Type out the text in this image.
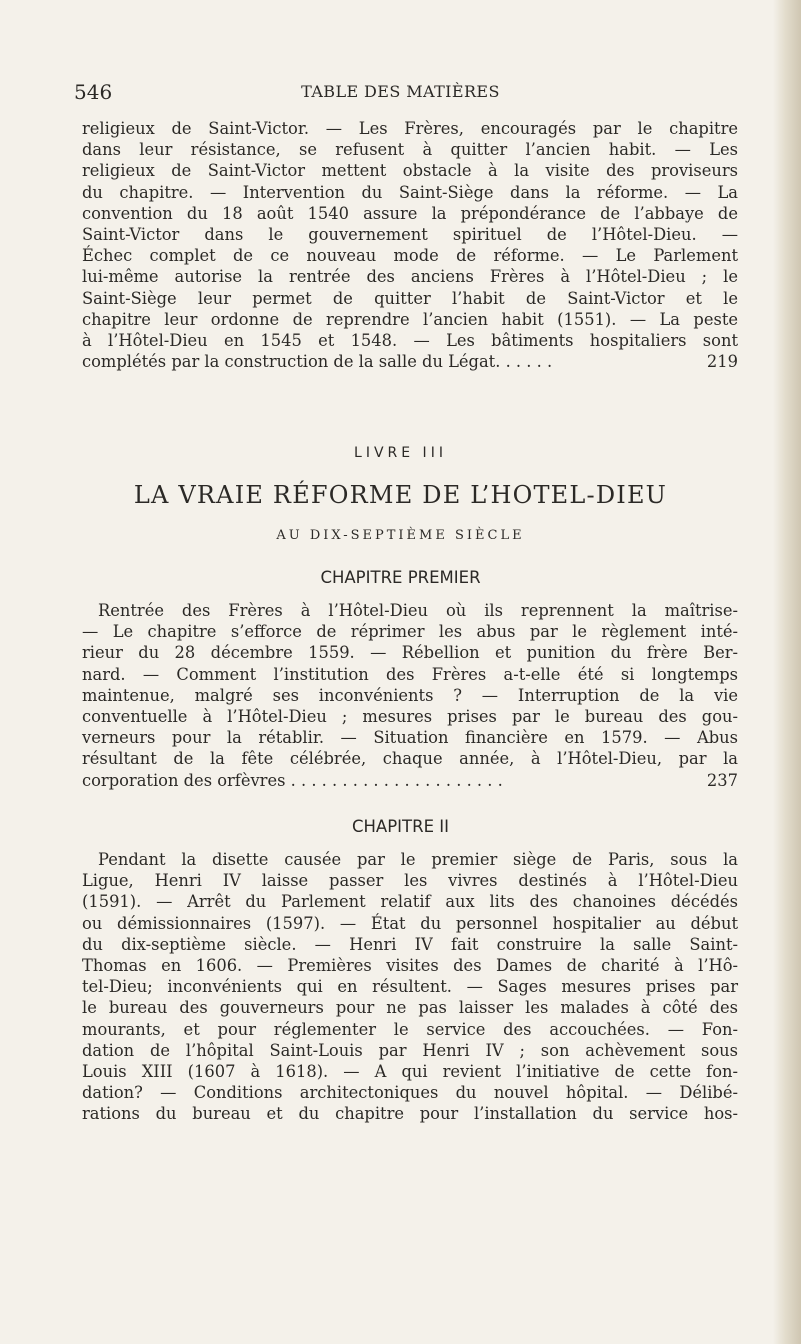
546	TABLE DES MATIÈRES

religieux de Saint-Victor. — Les Frères, encouragés par le chapitre
dans leur résistance, se refusent à quitter l’ancien habit. — Les
religieux de Saint-Victor mettent obstacle à la visite des proviseurs
du chapitre. — Intervention du Saint-Siège dans la réforme. — La
convention du 18 août 1540 assure la prépondérance de l’abbaye de
Saint-Victor dans le gouvernement spirituel de l’Hôtel-Dieu. —
Échec complet de ce nouveau mode de réforme. — Le Parlement
lui-même autorise la rentrée des anciens Frères à l’Hôtel-Dieu ; le
Saint-Siège leur permet de quitter l’habit de Saint-Victor et le
chapitre leur ordonne de reprendre l’ancien habit (1551). — La peste
à l’Hôtel-Dieu en 1545 et 1548. — Les bâtiments hospitaliers sont
complétés par la construction de la salle du Légat. . . . . .	219

LIVRE III
LA VRAIE RÉFORME DE L’HOTEL-DIEU
AU DIX-SEPTIÈME SIÈCLE
CHAPITRE PREMIER

Rentrée des Frères à l’Hôtel-Dieu où ils reprennent la maîtrise-
— Le chapitre s’efforce de réprimer les abus par le règlement inté-
rieur du 28 décembre 1559. — Rébellion et punition du frère Ber-
nard. — Comment l’institution des Frères a-t-elle été si longtemps
maintenue, malgré ses inconvénients ? — Interruption de la vie
conventuelle à l’Hôtel-Dieu ; mesures prises par le bureau des gou-
verneurs pour la rétablir. — Situation financière en 1579. — Abus
résultant de la fête célébrée, chaque année, à l’Hôtel-Dieu, par la
corporation des orfèvres . . . . . . . . . . . . . . . . . . . . .	237

CHAPITRE II

Pendant la disette causée par le premier siège de Paris, sous la
Ligue, Henri IV laisse passer les vivres destinés à l’Hôtel-Dieu
(1591). — Arrêt du Parlement relatif aux lits des chanoines décédés
ou démissionnaires (1597). — État du personnel hospitalier au début
du dix-septième siècle. — Henri IV fait construire la salle Saint-
Thomas en 1606. — Premières visites des Dames de charité à l’Hô-
tel-Dieu; inconvénients qui en résultent. — Sages mesures prises par
le bureau des gouverneurs pour ne pas laisser les malades à côté des
mourants, et pour réglementer le service des accouchées. — Fon-
dation de l’hôpital Saint-Louis par Henri IV ; son achèvement sous
Louis XIII (1607 à 1618). — A qui revient l’initiative de cette fon-
dation? — Conditions architectoniques du nouvel hôpital. — Délibé-
rations du bureau et du chapitre pour l’installation du service hos-
